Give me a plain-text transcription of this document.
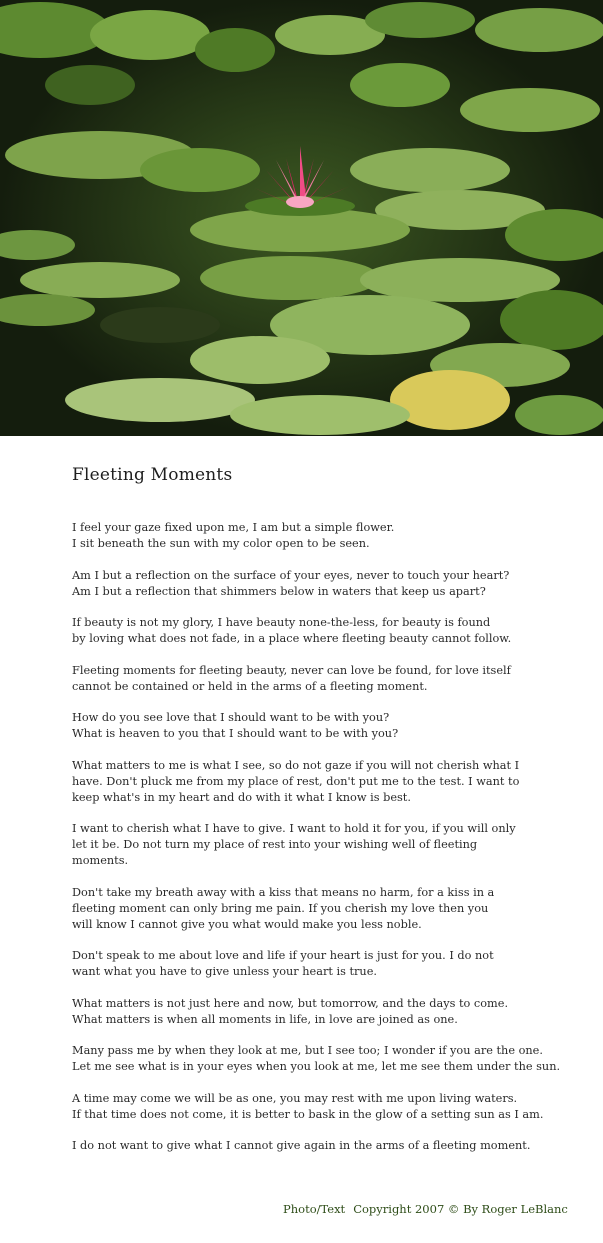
Fleeting Moments
I feel your gaze fixed upon me, I am but a simple flower.
I sit beneath the sun with my color open to be seen.
Am I but a reflection on the surface of your eyes, never to touch your heart?
Am I but a reflection that shimmers below in waters that keep us apart?
If beauty is not my glory, I have beauty none-the-less, for beauty is found
by loving what does not fade, in a place where fleeting beauty cannot follow.
Fleeting moments for fleeting beauty, never can love be found, for love itself
cannot be contained or held in the arms of a fleeting moment.
How do you see love that I should want to be with you?
What is heaven to you that I should want to be with you?
What matters to me is what I see, so do not gaze if you will not cherish what I
have. Don't pluck me from my place of rest, don't put me to the test. I want to
keep what's in my heart and do with it what I know is best.
I want to cherish what I have to give. I want to hold it for you, if you will only
let it be. Do not turn my place of rest into your wishing well of fleeting
moments.
Don't take my breath away with a kiss that means no harm, for a kiss in a
fleeting moment can only bring me pain. If you cherish my love then you
will know I cannot give you what would make you less noble.
Don't speak to me about love and life if your heart is just for you. I do not
want what you have to give unless your heart is true.
What matters is not just here and now, but tomorrow, and the days to come.
What matters is when all moments in life, in love are joined as one.
Many pass me by when they look at me, but I see too; I wonder if you are the one.
Let me see what is in your eyes when you look at me, let me see them under the sun.
A time may come we will be as one, you may rest with me upon living waters.
If that time does not come, it is better to bask in the glow of a setting sun as I am.
I do not want to give what I cannot give again in the arms of a fleeting moment.
Photo/Text Copyright 2007 © By Roger LeBlanc
